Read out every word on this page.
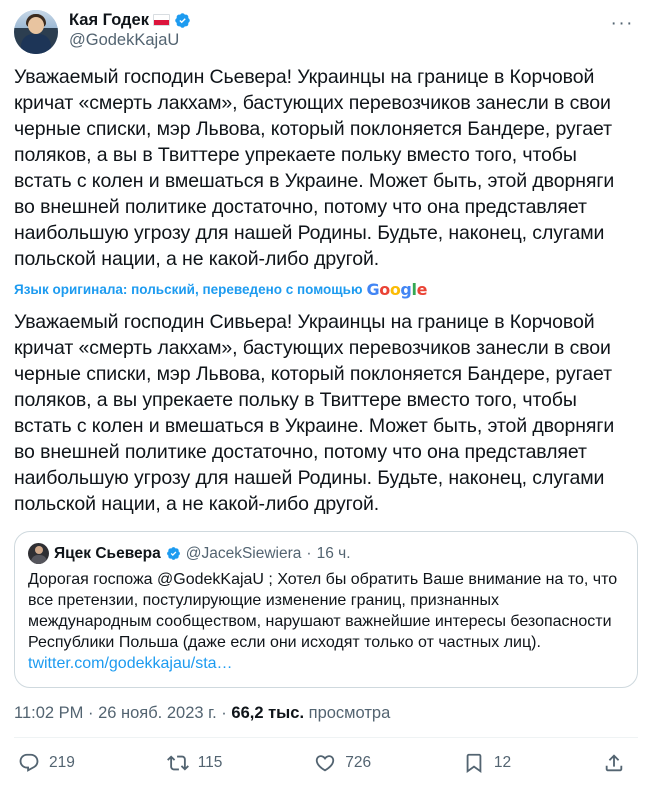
Кая Годек
@GodekKajaU
···
Уважаемый господин Сьевера! Украинцы на границе в Корчовой кричат «смерть лакхам», бастующих перевозчиков занесли в свои черные списки, мэр Львова, который поклоняется Бандере, ругает поляков, а вы в Твиттере упрекаете польку вместо того, чтобы встать с колен и вмешаться в Украине. Может быть, этой дворняги во внешней политике достаточно, потому что она представляет наибольшую угрозу для нашей Родины. Будьте, наконец, слугами польской нации, а не какой-либо другой.
Язык оригинала: польский, переведено с помощью Google
Уважаемый господин Сивьера! Украинцы на границе в Корчовой кричат «смерть лакхам», бастующих перевозчиков занесли в свои черные списки, мэр Львова, который поклоняется Бандере, ругает поляков, а вы упрекаете польку в Твиттере вместо того, чтобы встать с колен и вмешаться в Украине. Может быть, этой дворняги во внешней политике достаточно, потому что она представляет наибольшую угрозу для нашей Родины. Будьте, наконец, слугами польской нации, а не какой-либо другой.
Яцек Сьевера @JacekSiewiera · 16 ч.
Дорогая госпожа @GodekKajaU ; Хотел бы обратить Ваше внимание на то, что все претензии, постулирующие изменение границ, признанных международным сообществом, нарушают важнейшие интересы безопасности Республики Польша (даже если они исходят только от частных лиц). twitter.com/godekkajau/sta…
11:02 PM · 26 нояб. 2023 г. · 66,2 тыс. просмотра
219	115	726	12
